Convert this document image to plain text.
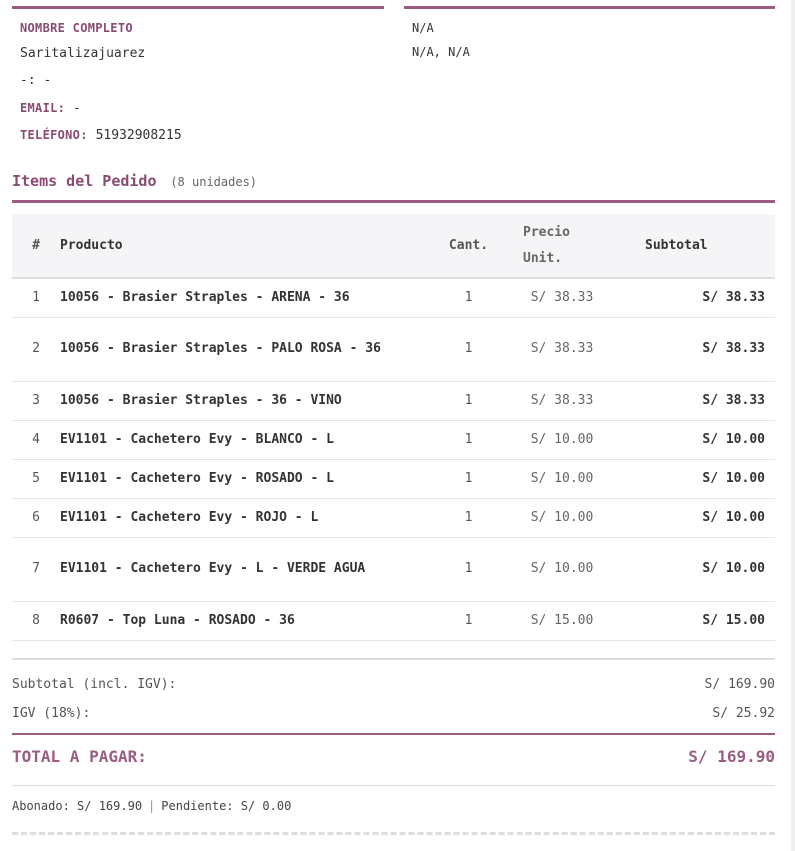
NOMBRE COMPLETO
Saritalizajuarez
-: -
EMAIL: -
TELÉFONO: 51932908215
N/A
N/A, N/A
Items del Pedido (8 unidades)
#	Producto	Cant.	Precio
Unit.	Subtotal
1	10056 - Brasier Straples - ARENA - 36	1	S/ 38.33	S/ 38.33
2	10056 - Brasier Straples - PALO ROSA - 36	1	S/ 38.33	S/ 38.33
3	10056 - Brasier Straples - 36 - VINO	1	S/ 38.33	S/ 38.33
4	EV1101 - Cachetero Evy - BLANCO - L	1	S/ 10.00	S/ 10.00
5	EV1101 - Cachetero Evy - ROSADO - L	1	S/ 10.00	S/ 10.00
6	EV1101 - Cachetero Evy - ROJO - L	1	S/ 10.00	S/ 10.00
7	EV1101 - Cachetero Evy - L - VERDE AGUA	1	S/ 10.00	S/ 10.00
8	R0607 - Top Luna - ROSADO - 36	1	S/ 15.00	S/ 15.00
Subtotal (incl. IGV):	S/ 169.90
IGV (18%):	S/ 25.92
TOTAL A PAGAR:	S/ 169.90
Abonado: S/ 169.90 | Pendiente: S/ 0.00
